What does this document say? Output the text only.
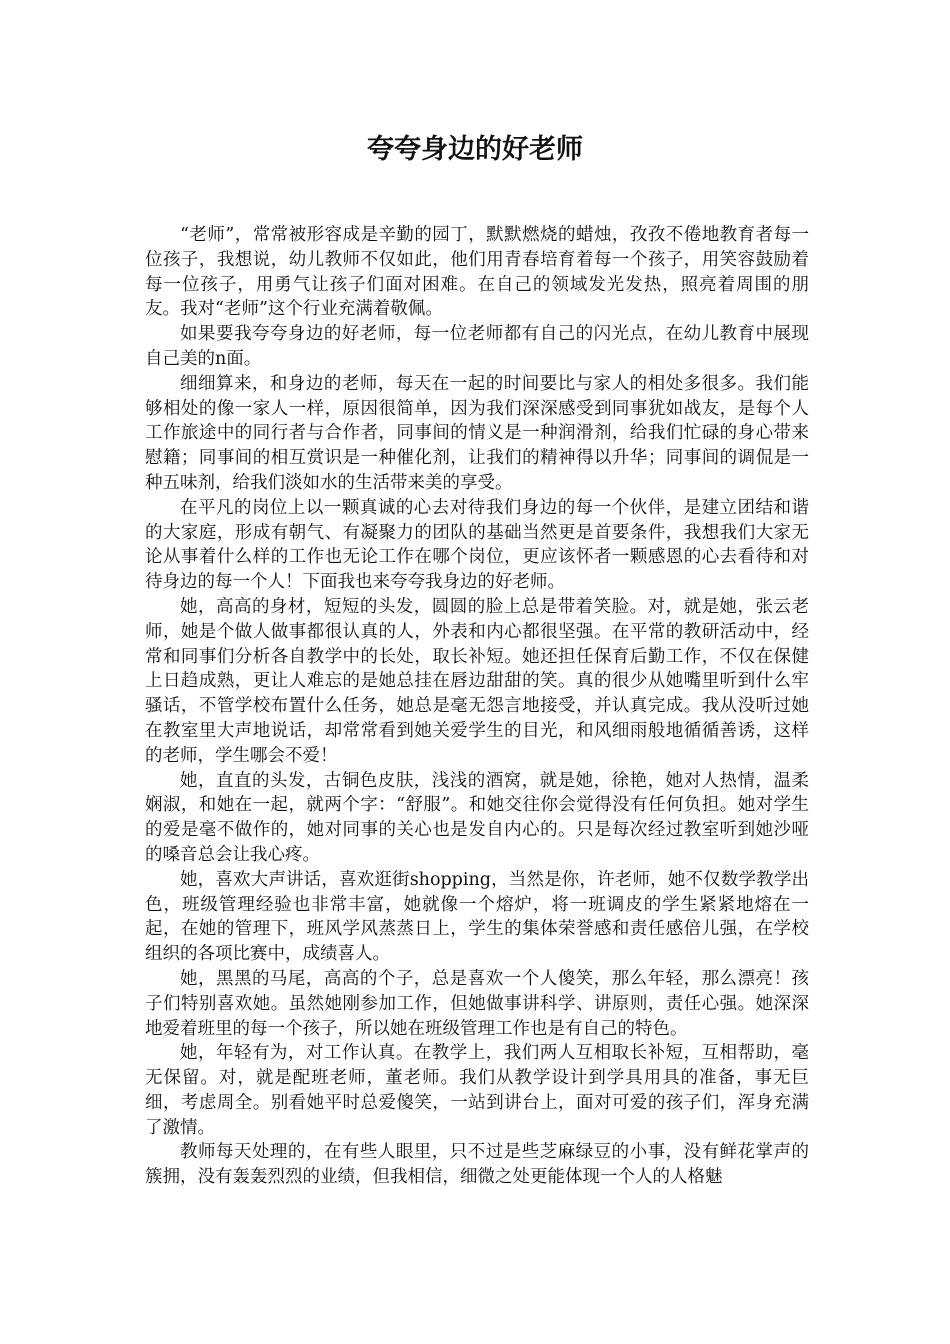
夸夸身边的好老师

“老师”，常常被形容成是辛勤的园丁，默默燃烧的蜡烛，孜孜不倦地教育者每一位孩子，我想说，幼儿教师不仅如此，他们用青春培育着每一个孩子，用笑容鼓励着每一位孩子，用勇气让孩子们面对困难。在自己的领域发光发热，照亮着周围的朋友。我对“老师”这个行业充满着敬佩。

如果要我夸夸身边的好老师，每一位老师都有自己的闪光点，在幼儿教育中展现自己美的n面。

细细算来，和身边的老师，每天在一起的时间要比与家人的相处多很多。我们能够相处的像一家人一样，原因很简单，因为我们深深感受到同事犹如战友，是每个人工作旅途中的同行者与合作者，同事间的情义是一种润滑剂，给我们忙碌的身心带来慰籍；同事间的相互赏识是一种催化剂，让我们的精神得以升华；同事间的调侃是一种五味剂，给我们淡如水的生活带来美的享受。

在平凡的岗位上以一颗真诚的心去对待我们身边的每一个伙伴，是建立团结和谐的大家庭，形成有朝气、有凝聚力的团队的基础当然更是首要条件，我想我们大家无论从事着什么样的工作也无论工作在哪个岗位，更应该怀者一颗感恩的心去看待和对待身边的每一个人！下面我也来夸夸我身边的好老师。

她，高高的身材，短短的头发，圆圆的脸上总是带着笑脸。对，就是她，张云老师，她是个做人做事都很认真的人，外表和内心都很坚强。在平常的教研活动中，经常和同事们分析各自教学中的长处，取长补短。她还担任保育后勤工作，不仅在保健上日趋成熟，更让人难忘的是她总挂在唇边甜甜的笑。真的很少从她嘴里听到什么牢骚话，不管学校布置什么任务，她总是毫无怨言地接受，并认真完成。我从没听过她在教室里大声地说话，却常常看到她关爱学生的目光，和风细雨般地循循善诱，这样的老师，学生哪会不爱！

她，直直的头发，古铜色皮肤，浅浅的酒窝，就是她，徐艳，她对人热情，温柔娴淑，和她在一起，就两个字：“舒服”。和她交往你会觉得没有任何负担。她对学生的爱是毫不做作的，她对同事的关心也是发自内心的。只是每次经过教室听到她沙哑的嗓音总会让我心疼。

她，喜欢大声讲话，喜欢逛街shopping，当然是你，许老师，她不仅数学教学出色，班级管理经验也非常丰富，她就像一个熔炉，将一班调皮的学生紧紧地熔在一起，在她的管理下，班风学风蒸蒸日上，学生的集体荣誉感和责任感倍儿强，在学校组织的各项比赛中，成绩喜人。

她，黑黑的马尾，高高的个子，总是喜欢一个人傻笑，那么年轻，那么漂亮！孩子们特别喜欢她。虽然她刚参加工作，但她做事讲科学、讲原则，责任心强。她深深地爱着班里的每一个孩子，所以她在班级管理工作也是有自己的特色。

她，年轻有为，对工作认真。在教学上，我们两人互相取长补短，互相帮助，毫无保留。对，就是配班老师，董老师。我们从教学设计到学具用具的准备，事无巨细，考虑周全。别看她平时总爱傻笑，一站到讲台上，面对可爱的孩子们，浑身充满了激情。

教师每天处理的，在有些人眼里，只不过是些芝麻绿豆的小事，没有鲜花掌声的簇拥，没有轰轰烈烈的业绩，但我相信，细微之处更能体现一个人的人格魅
